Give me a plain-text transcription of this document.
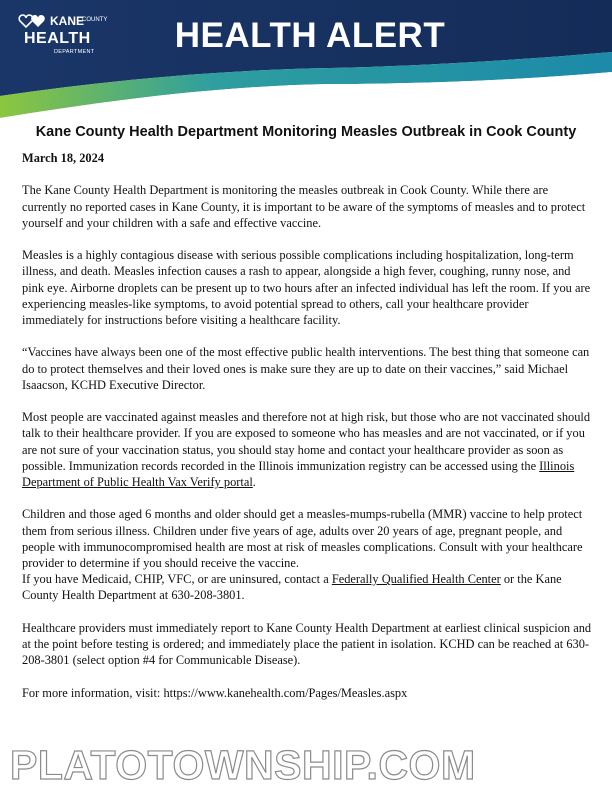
KANE
COUNTY
HEALTH
DEPARTMENT	HEALTH ALERT
Kane County Health Department Monitoring Measles Outbreak in Cook County

March 18, 2024

The Kane County Health Department is monitoring the measles outbreak in Cook County. While there are currently no reported cases in Kane County, it is important to be aware of the symptoms of measles and to protect yourself and your children with a safe and effective vaccine.

Measles is a highly contagious disease with serious possible complications including hospitalization, long-term illness, and death. Measles infection causes a rash to appear, alongside a high fever, coughing, runny nose, and pink eye. Airborne droplets can be present up to two hours after an infected individual has left the room. If you are experiencing measles-like symptoms, to avoid potential spread to others, call your healthcare provider immediately for instructions before visiting a healthcare facility.

“Vaccines have always been one of the most effective public health interventions. The best thing that someone can do to protect themselves and their loved ones is make sure they are up to date on their vaccines,” said Michael Isaacson, KCHD Executive Director.

Most people are vaccinated against measles and therefore not at high risk, but those who are not vaccinated should talk to their healthcare provider. If you are exposed to someone who has measles and are not vaccinated, or if you are not sure of your vaccination status, you should stay home and contact your healthcare provider as soon as possible. Immunization records recorded in the Illinois immunization registry can be accessed using the Illinois Department of Public Health Vax Verify portal.

Children and those aged 6 months and older should get a measles-mumps-rubella (MMR) vaccine to help protect them from serious illness. Children under five years of age, adults over 20 years of age, pregnant people, and people with immunocompromised health are most at risk of measles complications. Consult with your healthcare provider to determine if you should receive the vaccine.

If you have Medicaid, CHIP, VFC, or are uninsured, contact a Federally Qualified Health Center or the Kane County Health Department at 630-208-3801.

Healthcare providers must immediately report to Kane County Health Department at earliest clinical suspicion and at the point before testing is ordered; and immediately place the patient in isolation. KCHD can be reached at 630-208-3801 (select option #4 for Communicable Disease).

For more information, visit: https://www.kanehealth.com/Pages/Measles.aspx

PLATOTOWNSHIP.COM
